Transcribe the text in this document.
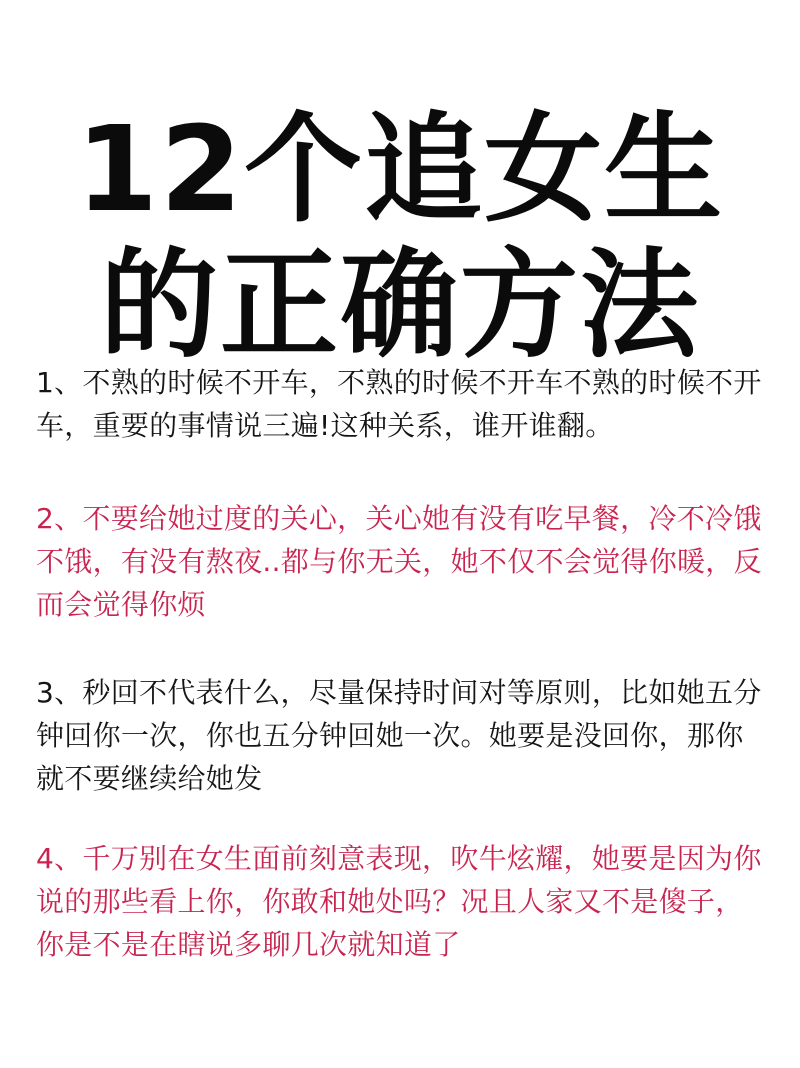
12个追女生
的正确方法

1、不熟的时候不开车，不熟的时候不开车不熟的时候不开车，重要的事情说三遍!这种关系，谁开谁翻。

2、不要给她过度的关心，关心她有没有吃早餐，冷不冷饿不饿，有没有熬夜..都与你无关，她不仅不会觉得你暖，反而会觉得你烦

3、秒回不代表什么，尽量保持时间对等原则，比如她五分钟回你一次，你也五分钟回她一次。她要是没回你，那你就不要继续给她发

4、千万别在女生面前刻意表现，吹牛炫耀，她要是因为你说的那些看上你，你敢和她处吗？况且人家又不是傻子，你是不是在瞎说多聊几次就知道了
